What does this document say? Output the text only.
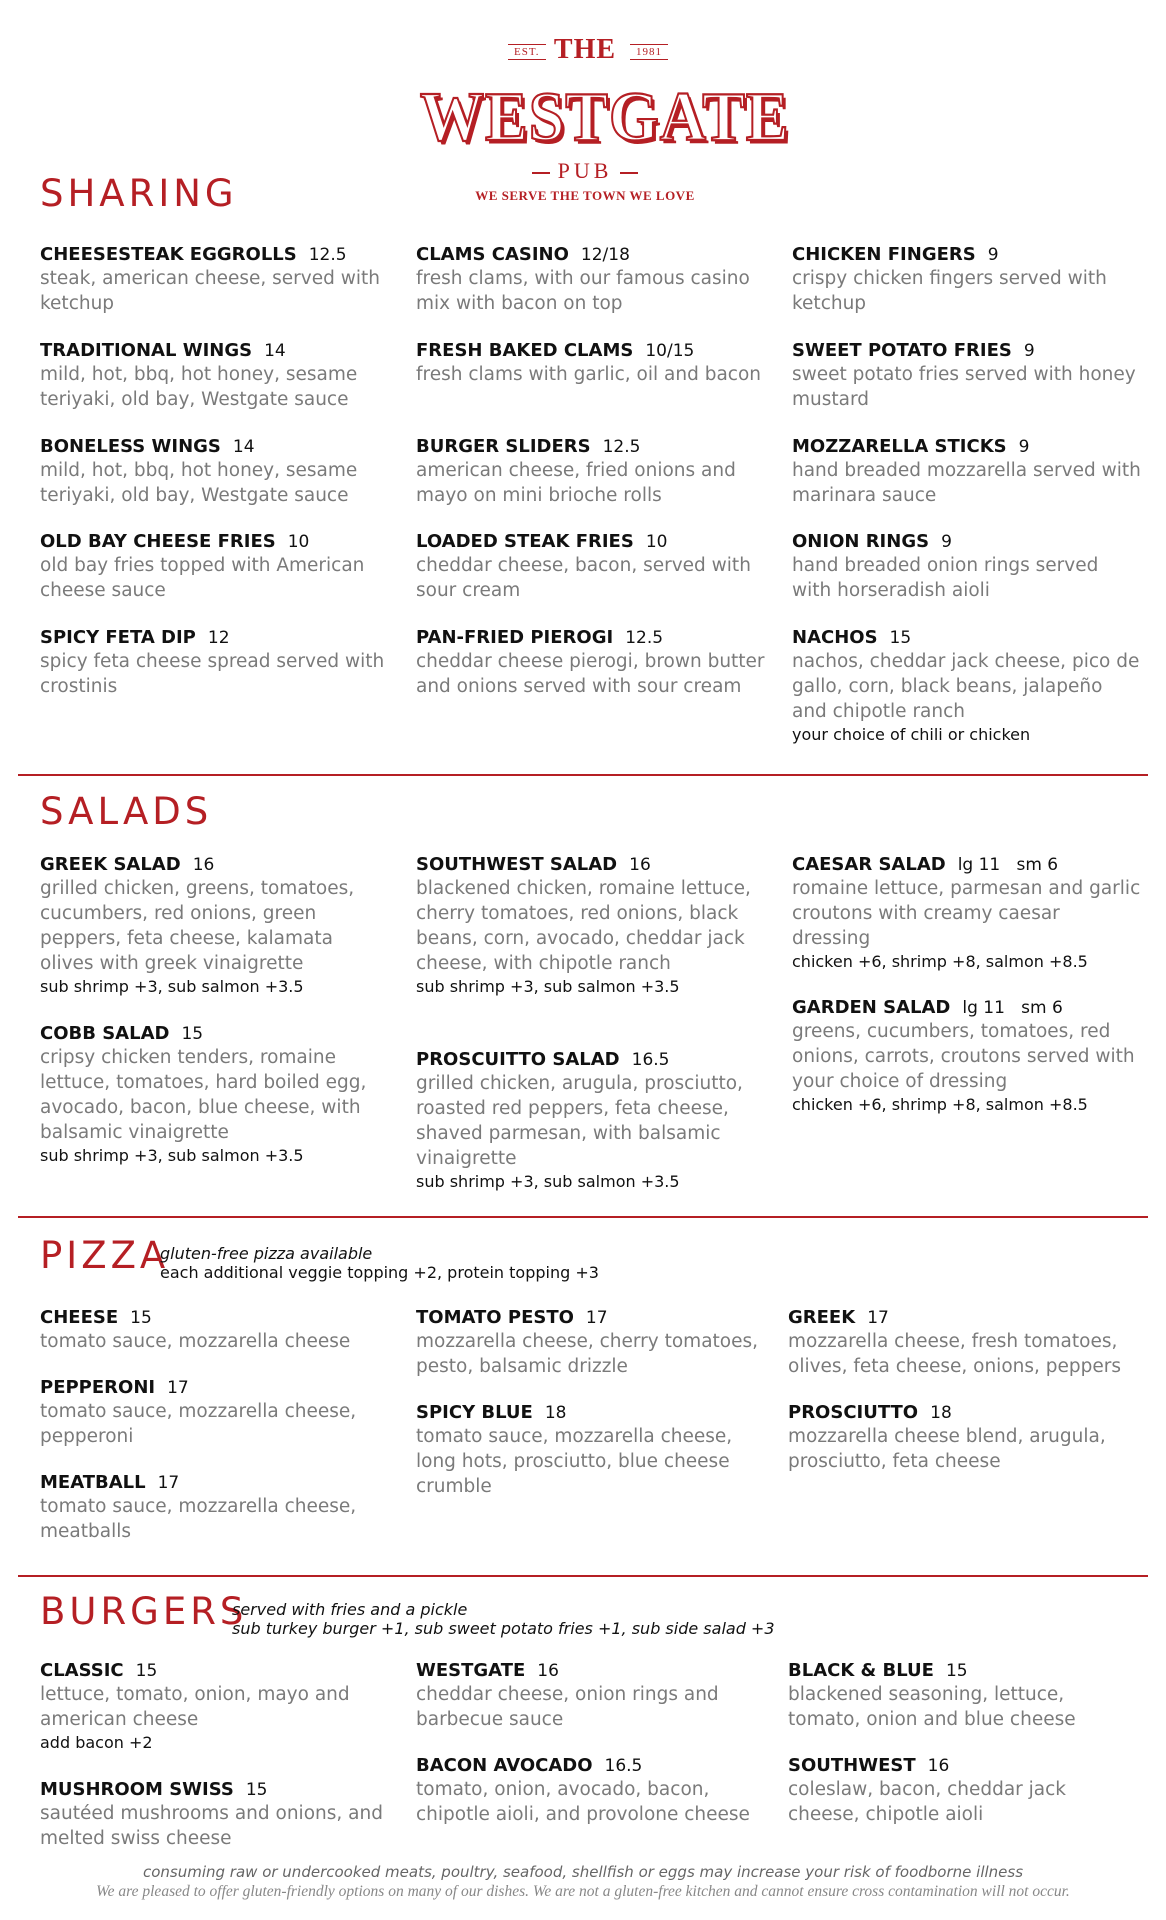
THE
EST.	1981
WESTGATE
PUB
WE SERVE THE TOWN WE LOVE
SHARING
CHEESESTEAK EGGROLLS 12.5
steak, american cheese, served with ketchup
TRADITIONAL WINGS 14
mild, hot, bbq, hot honey, sesame teriyaki, old bay, Westgate sauce
BONELESS WINGS 14
mild, hot, bbq, hot honey, sesame teriyaki, old bay, Westgate sauce
OLD BAY CHEESE FRIES 10
old bay fries topped with American cheese sauce
SPICY FETA DIP 12
spicy feta cheese spread served with crostinis
CLAMS CASINO 12/18
fresh clams, with our famous casino mix with bacon on top
FRESH BAKED CLAMS 10/15
fresh clams with garlic, oil and bacon
BURGER SLIDERS 12.5
american cheese, fried onions and mayo on mini brioche rolls
LOADED STEAK FRIES 10
cheddar cheese, bacon, served with sour cream
PAN-FRIED PIEROGI 12.5
cheddar cheese pierogi, brown butter and onions served with sour cream
CHICKEN FINGERS 9
crispy chicken fingers served with ketchup
SWEET POTATO FRIES 9
sweet potato fries served with honey mustard
MOZZARELLA STICKS 9
hand breaded mozzarella served with marinara sauce
ONION RINGS 9
hand breaded onion rings served with horseradish aioli
NACHOS 15
nachos, cheddar jack cheese, pico de gallo, corn, black beans, jalapeño and chipotle ranch
your choice of chili or chicken
SALADS
GREEK SALAD 16
grilled chicken, greens, tomatoes, cucumbers, red onions, green peppers, feta cheese, kalamata olives with greek vinaigrette
sub shrimp +3, sub salmon +3.5
COBB SALAD 15
cripsy chicken tenders, romaine lettuce, tomatoes, hard boiled egg, avocado, bacon, blue cheese, with balsamic vinaigrette
sub shrimp +3, sub salmon +3.5
SOUTHWEST SALAD 16
blackened chicken, romaine lettuce, cherry tomatoes, red onions, black beans, corn, avocado, cheddar jack cheese, with chipotle ranch
sub shrimp +3, sub salmon +3.5
PROSCUITTO SALAD 16.5
grilled chicken, arugula, prosciutto, roasted red peppers, feta cheese, shaved parmesan, with balsamic vinaigrette
sub shrimp +3, sub salmon +3.5
CAESAR SALAD lg 11   sm 6
romaine lettuce, parmesan and garlic croutons with creamy caesar dressing
chicken +6, shrimp +8, salmon +8.5
GARDEN SALAD lg 11   sm 6
greens, cucumbers, tomatoes, red onions, carrots, croutons served with your choice of dressing
chicken +6, shrimp +8, salmon +8.5
PIZZA
gluten-free pizza available
each additional veggie topping +2, protein topping +3
CHEESE 15
tomato sauce, mozzarella cheese
PEPPERONI 17
tomato sauce, mozzarella cheese, pepperoni
MEATBALL 17
tomato sauce, mozzarella cheese, meatballs
TOMATO PESTO 17
mozzarella cheese, cherry tomatoes, pesto, balsamic drizzle
SPICY BLUE 18
tomato sauce, mozzarella cheese, long hots, prosciutto, blue cheese crumble
GREEK 17
mozzarella cheese, fresh tomatoes, olives, feta cheese, onions, peppers
PROSCIUTTO 18
mozzarella cheese blend, arugula, prosciutto, feta cheese
BURGERS
served with fries and a pickle
sub turkey burger +1, sub sweet potato fries +1, sub side salad +3
CLASSIC 15
lettuce, tomato, onion, mayo and american cheese
add bacon +2
MUSHROOM SWISS 15
sautéed mushrooms and onions, and melted swiss cheese
WESTGATE 16
cheddar cheese, onion rings and barbecue sauce
BACON AVOCADO 16.5
tomato, onion, avocado, bacon, chipotle aioli, and provolone cheese
BLACK & BLUE 15
blackened seasoning, lettuce, tomato, onion and blue cheese
SOUTHWEST 16
coleslaw, bacon, cheddar jack cheese, chipotle aioli
consuming raw or undercooked meats, poultry, seafood, shellfish or eggs may increase your risk of foodborne illness
We are pleased to offer gluten-friendly options on many of our dishes. We are not a gluten-free kitchen and cannot ensure cross contamination will not occur.
